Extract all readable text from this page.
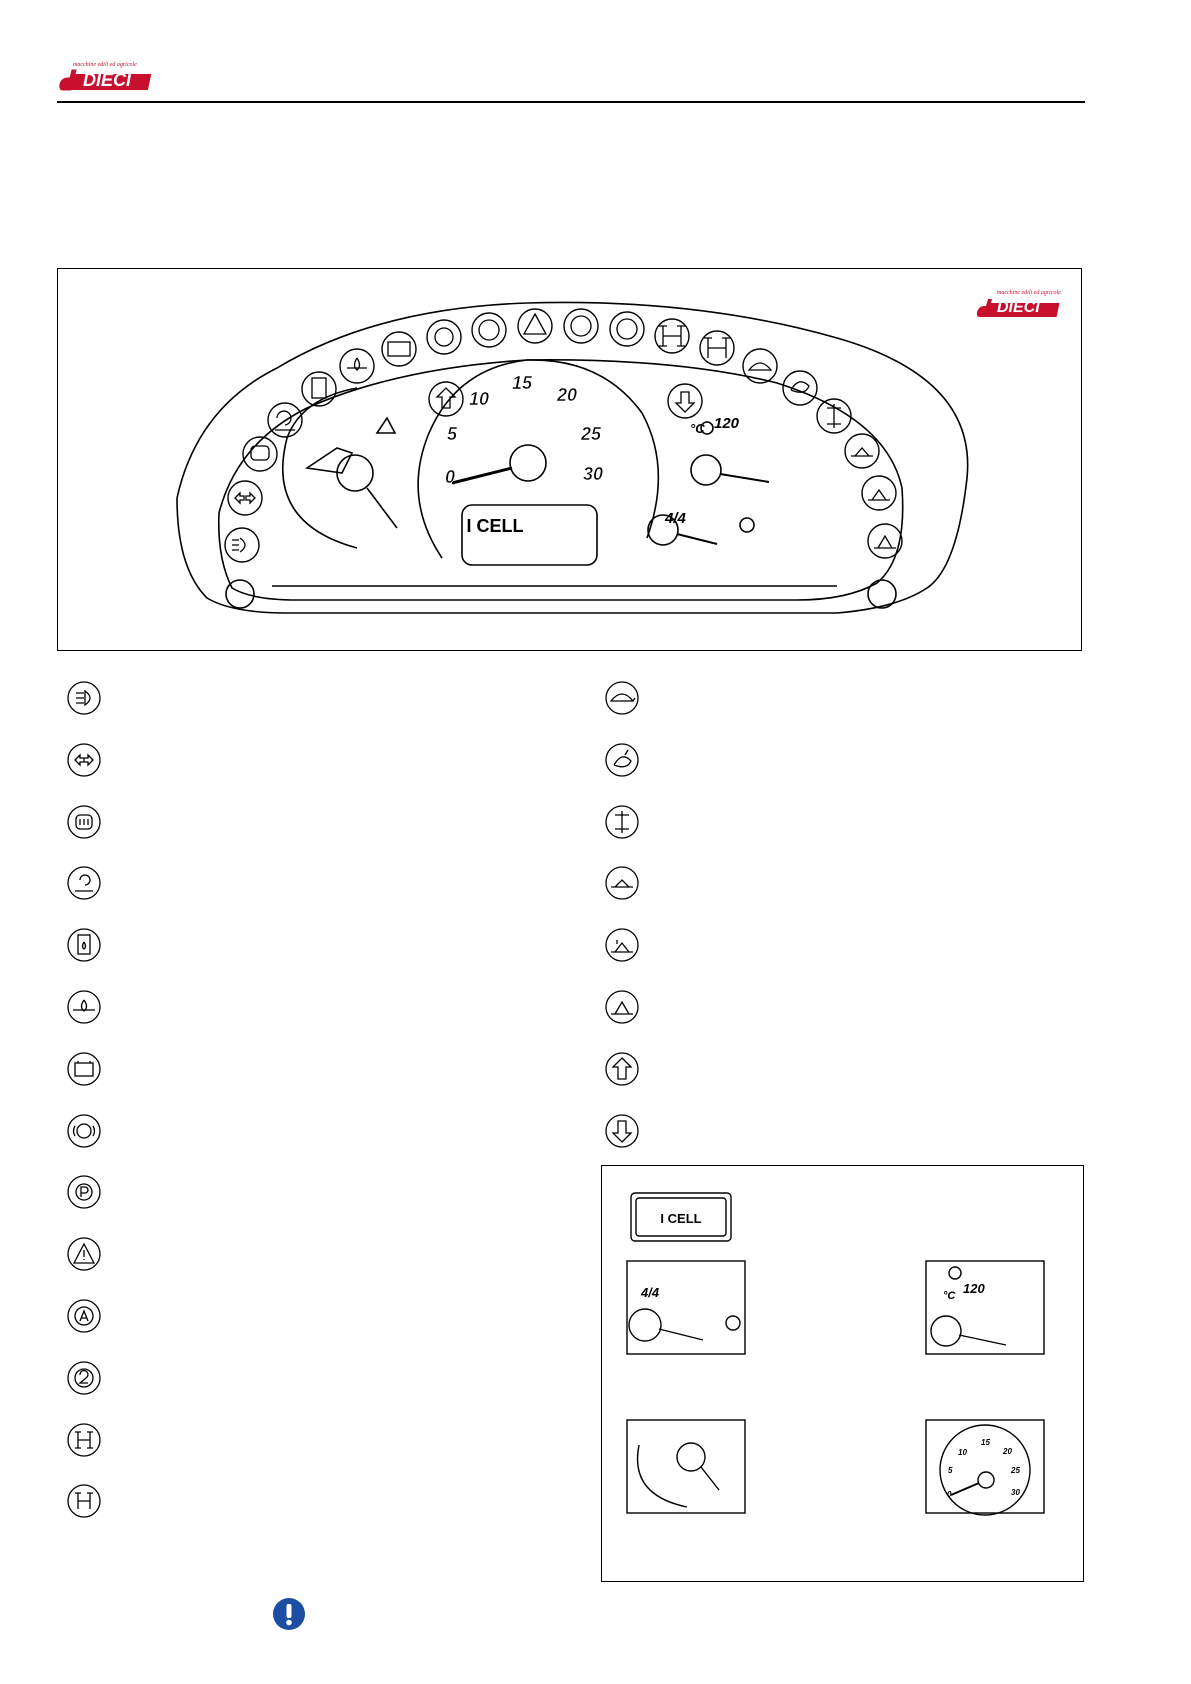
macchine edili ed agricole
DIECI
macchine edili ed agricole
DIECI
0
5
10
15
20
25
30
I CELL
°C 120
4/4
I CELL
4/4	°C 120
0
5
10
15
20
25
30
